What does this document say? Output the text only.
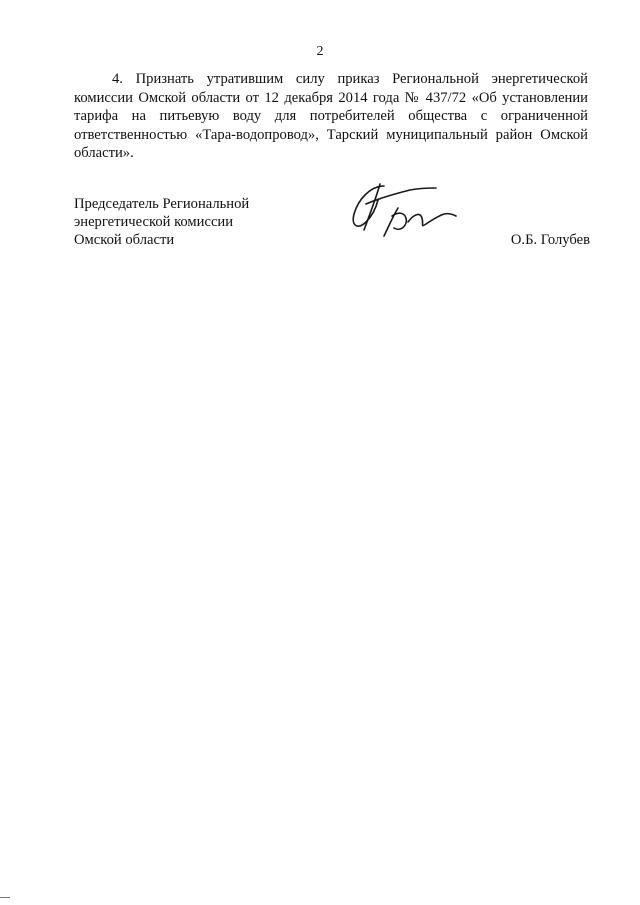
2

4. Признать утратившим силу приказ Региональной энергетической комиссии Омской области от 12 декабря 2014 года № 437/72 «Об установлении тарифа на питьевую воду для потребителей общества с ограниченной ответственностью «Тара-водопровод», Тарский муниципальный район Омской области».

Председатель Региональной
энергетической комиссии
Омской области	О.Б. Голубев
